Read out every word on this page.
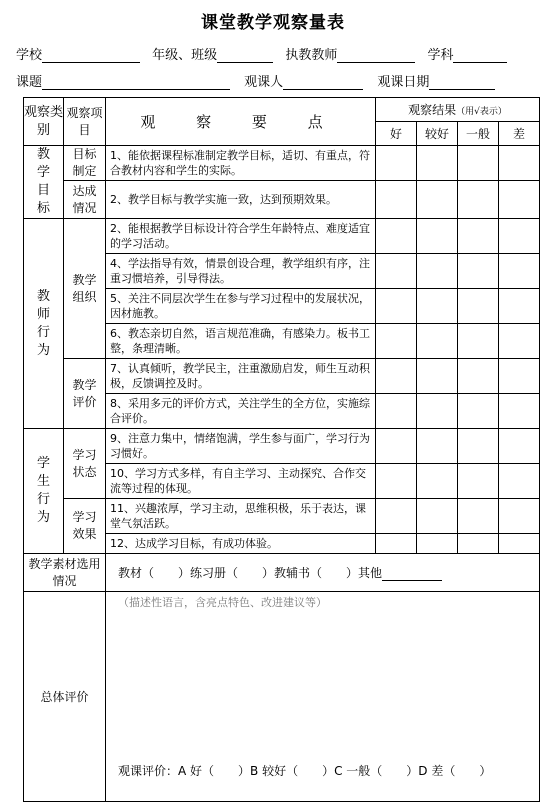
课堂教学观察量表
学校	年级、班级	执教教师	学科
课题	观课人	观课日期
观察类别	观察项目	观 察 要 点	观察结果（用√表示）			
			好	较好	一般	差

教学目标	目标制定	1、能依据课程标准制定教学目标，适切、有重点，符合教材内容和学生的实际。				

	达成情况	2、教学目标与教学实施一致，达到预期效果。				

教师行为	教学组织	2、能根据教学目标设计符合学生年龄特点、难度适宜的学习活动。				
		4、学法指导有效，情景创设合理，教学组织有序，注重习惯培养，引导得法。				
		5、关注不同层次学生在参与学习过程中的发展状况，因材施教。				
		6、教态亲切自然，语言规范准确，有感染力。板书工整，条理清晰。				

	教学评价	7、认真倾听，教学民主，注重激励启发，师生互动积极，反馈调控及时。				
		8、采用多元的评价方式，关注学生的全方位，实施综合评价。				

学生行为	学习状态	9、注意力集中，情绪饱满，学生参与面广，学习行为习惯好。				
		10、学习方式多样，有自主学习、主动探究、合作交流等过程的体现。				

	学习效果	11、兴趣浓厚，学习主动，思维积极，乐于表达，课堂气氛活跃。				
		12、达成学习目标，有成功体验。				
教学素材选用情况		教材（　　）练习册（　　）教辅书（　　）其他				
总体评价		（描述性语言，含亮点特色、改进建议等）
观课评价：A 好（　　）B 较好（　　）C 一般（　　）D 差（　　）				
